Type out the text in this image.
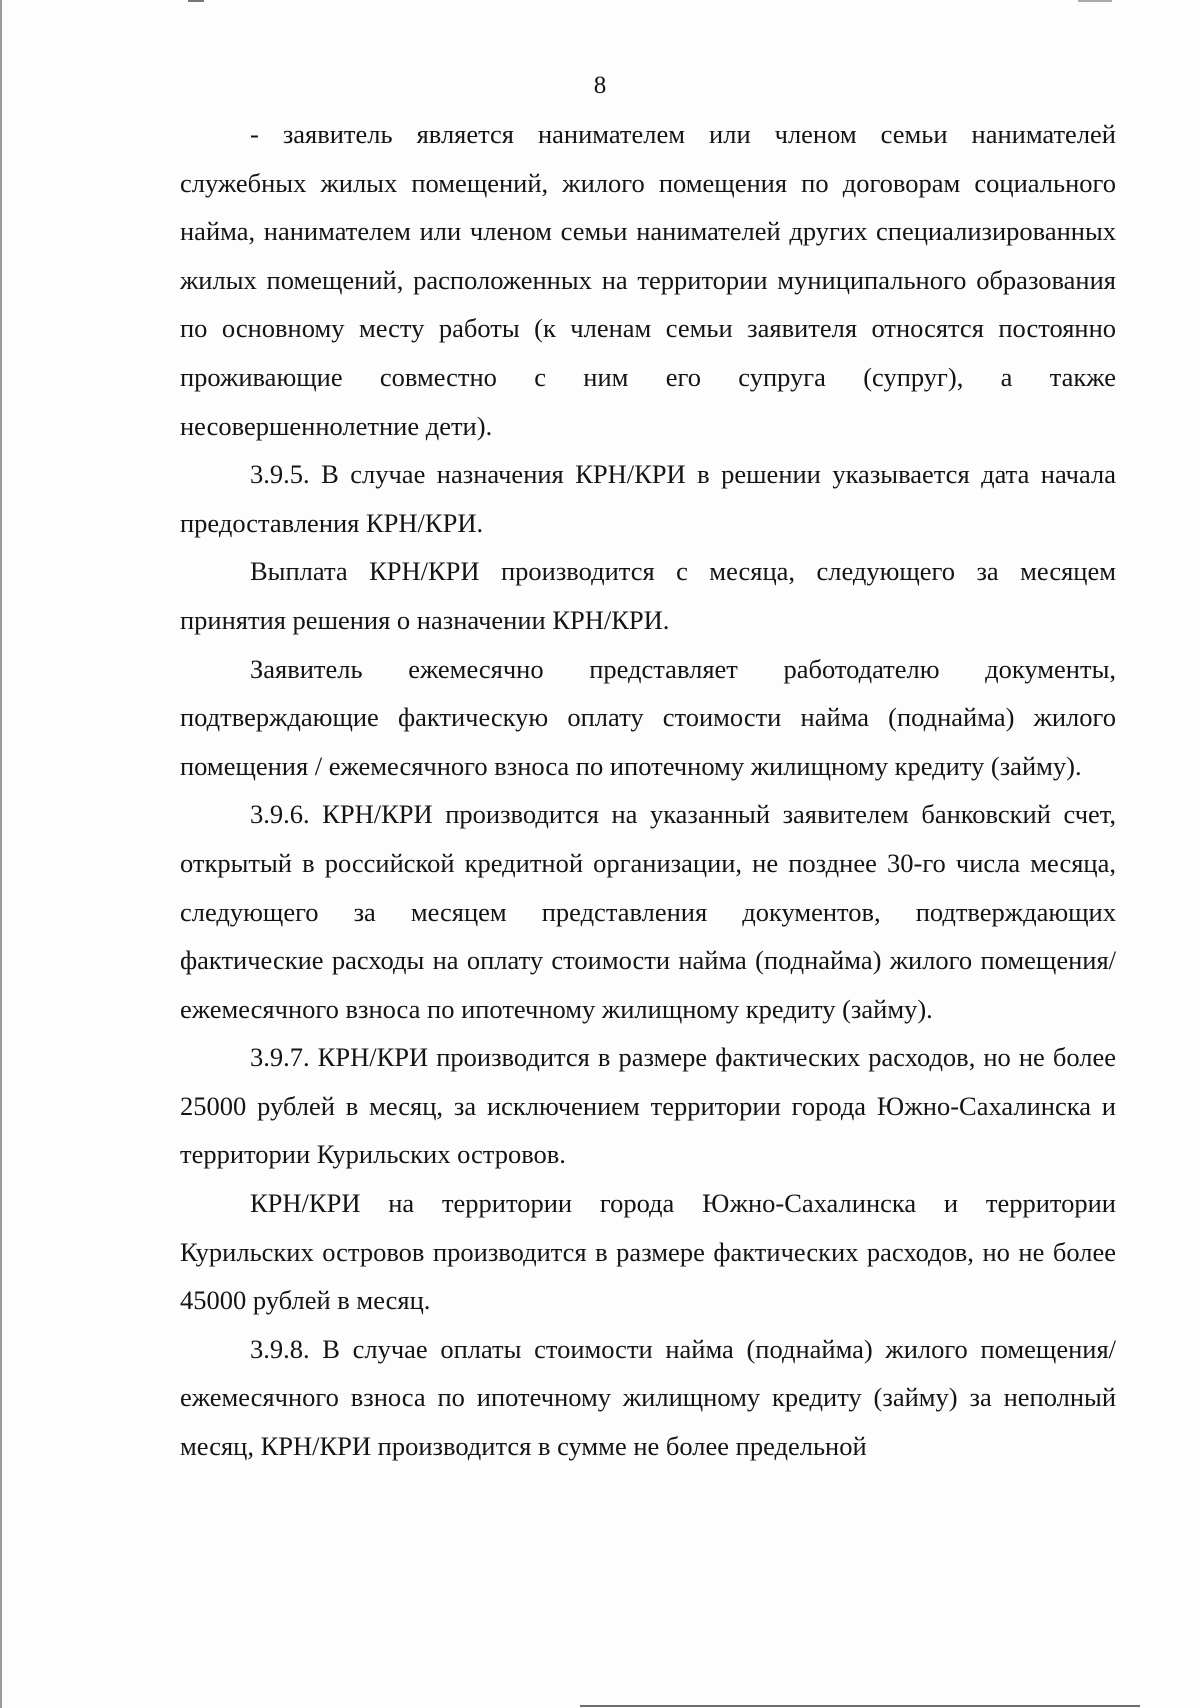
8

- заявитель является нанимателем или членом семьи нанимателей служебных жилых помещений, жилого помещения по договорам социального найма, нанимателем или членом семьи нанимателей других специализированных жилых помещений, расположенных на территории муниципального образования по основному месту работы (к членам семьи заявителя относятся постоянно проживающие совместно с ним его супруга (супруг), а также несовершеннолетние дети).

3.9.5. В случае назначения КРН/КРИ в решении указывается дата начала предоставления КРН/КРИ.

Выплата КРН/КРИ производится с месяца, следующего за месяцем принятия решения о назначении КРН/КРИ.

Заявитель ежемесячно представляет работодателю документы, подтверждающие фактическую оплату стоимости найма (поднайма) жилого помещения / ежемесячного взноса по ипотечному жилищному кредиту (займу).

3.9.6. КРН/КРИ производится на указанный заявителем банковский счет, открытый в российской кредитной организации, не позднее 30-го числа месяца, следующего за месяцем представления документов, подтверждающих фактические расходы на оплату стоимости найма (поднайма) жилого помещения/ежемесячного взноса по ипотечному жилищному кредиту (займу).

3.9.7. КРН/КРИ производится в размере фактических расходов, но не более 25000 рублей в месяц, за исключением территории города Южно-Сахалинска и территории Курильских островов.

КРН/КРИ на территории города Южно-Сахалинска и территории Курильских островов производится в размере фактических расходов, но не более 45000 рублей в месяц.

3.9.8. В случае оплаты стоимости найма (поднайма) жилого помещения/ежемесячного взноса по ипотечному жилищному кредиту (займу) за неполный месяц, КРН/КРИ производится в сумме не более предельной
